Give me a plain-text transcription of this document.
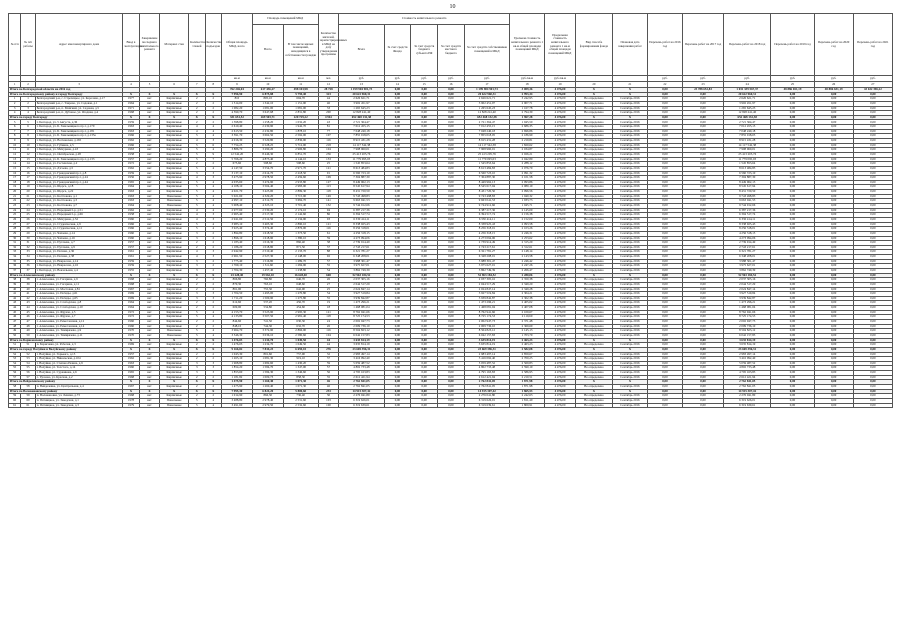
10
№ п/п	№ п/п работы	Адрес многоквартирного дома	Ввод в эксплуатацию	Завершение последнего капитального ремонта	Материал стен	Количество этажей	Количество подъездов	Общая площадь МКД, всего	Площадь помещений МКД		Количество жителей, зарегистрированных в МКД на дату утверждения программы	Стоимость капитального ремонта					Удельная стоимость капитального ремонта 1 кв.м общей площади помещений МКД	Предельная стоимость капитального ремонта 1 кв.м общей площади помещений МКД	Вид способа формирования фонда	Плановая дата завершения работ	Перечень работ на 2016 год	Перечень работ на 2017 год	Перечень работ на 2018 год	Перечень работ на 2019 год	Перечень работ на 2020 год	Перечень работ на 2021 год
									Всего	В том числе жилых помещений, находящихся в собственности граждан		Всего	За счет средств Фонда	За счет средств бюджета субъекта РФ	За счет средств местного бюджета	За счет средств собственников помещений в МКД										
								кв.м	кв.м	кв.м	чел.	руб.	руб.	руб.	руб.	руб.	руб./кв.м	руб./кв.м			руб.	руб.	руб.	руб.	руб.	руб.
1	2	3	4	5	6	7	8	9	10	11	12	13	14	15	16	17	18	19	20	21	22	23	24	25	26	27
Итого по Белгородской области на 2016 год								762 246,04	617 436,27	498 103,98	28 728	1 199 904 901,73	0,00	0,00	0,00	1 199 904 901,73	3 009,36	4 476,00	Х	Х	0,00	23 788 652,83	1 031 339 567,37	48 886 651,19	48 886 651,19	43 632 396,22
Итого по Белгородскому району и городу Белгороду			Х	Х	Х	Х	Х	7 996,90	6 875,88	5 759,40	323	20 622 960,31	0,00	0,00	0,00	20 622 960,31	2 993,34	4 476,00	Х	Х	0,00	0,00	20 622 960,31	0,00	0,00	0,00
1	1	Белгородский р-н, с. Стрелецкое, ул. Королева, д.17	1977	нет	Кирпичные	2	2	810	805,10	694,70	44	2 626 621,71	0,00	0,00	0,00	2 626 621,71	3 242,95	4 476,00	Не определено	Сентябрь 2016	0,00	0,00	2 626 621,71	0,00	0,00	0,00
2	2	Белгородский р-н, с. Таврово, ул. Садовая, д.1	1964	нет	Кирпичные	2	2	1 514,00	1 342,10	1 151,90	46	3 902 451,97	0,00	0,00	0,00	3 902 451,97	2 907,71	4 476,00	Не определено	Сентябрь 2016	0,00	0,00	3 902 451,97	0,00	0,00	0,00
3	3	Белгородский р-н, п. Майский, ул. Садовая, д.5	1971	нет	Кирпичные	2	2	1 082,20	1 081,00	1 081,00	33	1 265 645,23	0,00	0,00	0,00	1 265 645,23	1 167,78	4 476,00	Не определено	Сентябрь 2016	0,00	0,00	1 265 645,23	0,00	0,00	0,00
4	4	Белгородский р-н, п. Дубовое, ул. Ягодная, д.4	1968	нет	Кирпичные	2	2	4 590,70	3 647,68	2 831,80	200	12 828 241,40	0,00	0,00	0,00	12 828 241,40	2 794,39	4 476,00	Не определено	Сентябрь 2016	0,00	0,00	12 828 241,40	0,00	0,00	0,00
Итого по городу Белгороду			Х	Х	Х	Х	Х	331 651,52	269 503,71	220 729,22	4 961	652 468 132,38	0,00	0,00	0,00	652 468 132,38	1 967,28	4 476,00	Х	Х	0,00	0,00	652 468 132,38	0,00	0,00	0,00
5	5	г. Белгород, ул. 5 Августа, д.36	1959	нет	Кирпичные	2	2	1 398,80	1 258,20	1 032,20	43	2 721 364,47	0,00	0,00	0,00	2 721 364,47	1 945,50	4 476,00	Не определено	Сентябрь 2016	0,00	0,00	2 721 364,47	0,00	0,00	0,00
6	6	г. Белгород, ул. Б. Хмельницкого пр-т, д.179	1963	нет	Кирпичные	4	4	2 610,40	2 230,90	1 942,70	81	7 012 455,15	0,00	0,00	0,00	7 012 455,15	2 686,35	4 476,00	Не определено	Сентябрь 2016	0,00	0,00	7 012 455,15	0,00	0,00	0,00
7	7	г. Белгород, ул. Б. Хмельницкого пр-т, д.181	1963	нет	Кирпичные	4	4	2 613,50	2 232,80	1 878,10	77	7 048 240,18	0,00	0,00	0,00	7 048 240,18	2 696,86	4 476,00	Не определено	Сентябрь 2016	0,00	0,00	7 048 240,18	0,00	0,00	0,00
8	8	г. Белгород, ул. Б. Хмельницкого пр-т, д.135а	1966	нет	Кирпичные	5	4	3 591,70	3 062,50	2 592,00	107	7 855 018,05	0,00	0,00	0,00	7 855 018,05	2 186,99	4 476,00	Не определено	Сентябрь 2016	0,00	0,00	7 855 018,05	0,00	0,00	0,00
9	9	г. Белгород, ул. Волчанская, д.165	1962	нет	Кирпичные	4	3	4 016,30	3 520,80	2 836,90	116	8 915 431,28	0,00	0,00	0,00	8 915 431,28	2 219,81	4 476,00	Не определено	Сентябрь 2016	0,00	0,00	8 915 431,28	0,00	0,00	0,00
10	10	г. Белгород, ул. Губкина, д.5	1966	нет	Кирпичные	5	6	7 754,25	6 528,25	5 712,00	218	14 117 542,38	0,00	0,00	0,00	14 117 542,38	1 820,62	4 476,00	Не определено	Сентябрь 2016	0,00	0,00	14 117 542,38	0,00	0,00	0,00
11	11	г. Белгород, ул. Мичурина, д.43	1963	нет	Кирпичные	5	4	3 886,70	3 290,20	2 906,80	104	7 908 960,01	0,00	0,00	0,00	7 908 960,01	2 034,87	4 476,00	Не определено	Сентябрь 2016	0,00	0,00	7 908 960,01	0,00	0,00	0,00
12	12	г. Белгород, ул. Октябрьская, д.28	1958	нет	Кирпичные	5	9	12 542,20	8 446,30	6 851,70	236	25 413 205,76	0,00	0,00	0,00	25 413 205,76	2 026,21	4 476,00	Не определено	Сентябрь 2016	0,00	0,00	25 413 205,76	0,00	0,00	0,00
13	13	г. Белгород, ул. Б. Хмельницкого пр-т, д.133	1957	нет	Кирпичные	5	7	5 766,20	4 873,40	4 144,10	153	11 779 095,03	0,00	0,00	0,00	11 779 095,03	2 042,80	4 476,00	Не определено	Сентябрь 2016	0,00	0,00	11 779 095,03	0,00	0,00	0,00
14	14	г. Белгород, ул. Гостенская, д.2	1972	нет	Кирпичные	2	2	675,60	598,60	598,60	25	1 545 853,64	0,00	0,00	0,00	1 545 853,64	2 288,12	4 476,00	Не определено	Сентябрь 2016	0,00	0,00	1 545 853,64	0,00	0,00	0,00
15	15	г. Белгород, ул. Дзгоева, д.5	1962	нет	Кирпичные	5	4	4 147,50	3 554,70	2 971,70	121	8 613 484,83	0,00	0,00	0,00	8 613 484,83	2 076,79	4 476,00	Не определено	Сентябрь 2016	0,00	0,00	8 613 484,83	0,00	0,00	0,00
16	16	г. Белгород, ул. Гражданский пр-т, д.8	1959	нет	Кирпичные	3	3	3 137,10	2 614,70	2 218,50	91	6 560 723,10	0,00	0,00	0,00	6 560 723,10	2 091,32	4 476,00	Не определено	Сентябрь 2016	0,00	0,00	6 560 723,10	0,00	0,00	0,00
17	17	г. Белгород, ул. Гражданский пр-т, д.24	1956	нет	Кирпичные	4	3	3 475,90	2 978,50	2 459,60	109	7 304 887,30	0,00	0,00	0,00	7 304 887,30	2 101,58	4 476,00	Не определено	Сентябрь 2016	0,00	0,00	7 304 887,30	0,00	0,00	0,00
18	18	г. Белгород, ул. Гражданский пр-т, д.44	1965	нет	Кирпичные	5	4	4 035,60	3 474,90	2 933,80	127	8 449 962,13	0,00	0,00	0,00	8 449 962,13	2 093,86	4 476,00	Не определено	Сентябрь 2016	0,00	0,00	8 449 962,13	0,00	0,00	0,00
19	19	г. Белгород, ул. Щорса, д.18	1964	нет	Кирпичные	5	4	4 108,10	3 504,40	2 983,90	113	8 545 617,94	0,00	0,00	0,00	8 545 617,94	2 080,19	4 476,00	Не определено	Сентябрь 2016	0,00	0,00	8 545 617,94	0,00	0,00	0,00
20	20	г. Белгород, ул. Щорса, д.22	1963	нет	Кирпичные	5	4	4 021,70	3 425,00	2 899,30	118	8 431 720,50	0,00	0,00	0,00	8 431 720,50	2 096,56	4 476,00	Не определено	Сентябрь 2016	0,00	0,00	8 431 720,50	0,00	0,00	0,00
21	21	г. Белгород, ул. Костюкова, д.1	1963	нет	Панельные	5	4	5 021,60	4 329,20	3 715,90	149	9 743 498,83	0,00	0,00	0,00	9 743 498,83	1 940,32	4 476,00	Не определено	Сентябрь 2016	0,00	0,00	9 743 498,83	0,00	0,00	0,00
22	22	г. Белгород, ул. Костюкова, д.3	1963	нет	Панельные	5	4	4 997,10	4 312,70	3 684,70	141	9 663 041,53	0,00	0,00	0,00	9 663 041,53	1 933,73	4 476,00	Не определено	Сентябрь 2016	0,00	0,00	9 663 041,53	0,00	0,00	0,00
23	23	г. Белгород, ул. Костюкова, д.7	1964	нет	Панельные	5	4	5 008,40	4 323,10	3 701,40	152	9 744 912,66	0,00	0,00	0,00	9 744 912,66	1 945,71	4 476,00	Не определено	Сентябрь 2016	0,00	0,00	9 744 912,66	0,00	0,00	0,00
24	24	г. Белгород, ул. Народный б-р, д.51	1962	нет	Кирпичные	4	4	2 977,60	2 530,20	2 174,10	94	6 387 217,36	0,00	0,00	0,00	6 387 217,36	2 145,09	4 476,00	Не определено	Сентябрь 2016	0,00	0,00	6 387 217,36	0,00	0,00	0,00
25	25	г. Белгород, ул. Народный б-р, д.66	1958	нет	Кирпичные	4	3	2 965,40	2 517,30	2 142,60	86	6 394 517,74	0,00	0,00	0,00	6 394 517,74	2 156,38	4 476,00	Не определено	Сентябрь 2016	0,00	0,00	6 394 517,74	0,00	0,00	0,00
26	26	г. Белгород, ул. Мичурина, д.52	1960	нет	Кирпичные	4	3	2 941,60	2 512,50	2 134,90	93	6 330 414,11	0,00	0,00	0,00	6 330 414,11	2 152,00	4 476,00	Не определено	Сентябрь 2016	0,00	0,00	6 330 414,11	0,00	0,00	0,00
27	27	г. Белгород, ул. Студенческая, д.9	1966	нет	Кирпичные	5	4	3 983,10	3 405,30	2 890,10	121	8 338 925,43	0,00	0,00	0,00	8 338 925,43	2 093,58	4 476,00	Не определено	Сентябрь 2016	0,00	0,00	8 338 925,43	0,00	0,00	0,00
28	28	г. Белгород, ул. Студенческая, д.11	1966	нет	Кирпичные	5	4	3 925,40	3 374,40	2 876,00	116	8 256 318,01	0,00	0,00	0,00	8 256 318,01	2 103,26	4 476,00	Не определено	Сентябрь 2016	0,00	0,00	8 256 318,01	0,00	0,00	0,00
29	29	г. Белгород, ул. Чапаева, д.14	1960	нет	Кирпичные	3	2	1 894,80	1 618,50	1 373,50	61	4 256 318,15	0,00	0,00	0,00	4 256 318,15	2 246,31	4 476,00	Не определено	Сентябрь 2016	0,00	0,00	4 256 318,15	0,00	0,00	0,00
30	30	г. Белгород, ул. Чапаева, д.16	1960	нет	Кирпичные	3	2	1 896,10	1 618,90	1 380,10	59	4 273 094,06	0,00	0,00	0,00	4 273 094,06	2 253,62	4 476,00	Не определено	Сентябрь 2016	0,00	0,00	4 273 094,06	0,00	0,00	0,00
31	31	г. Белгород, ул. Пугачева, д.7	1957	нет	Кирпичные	2	2	1 183,40	1 016,30	866,40	38	2 739 914,49	0,00	0,00	0,00	2 739 914,49	2 315,29	4 476,00	Не определено	Сентябрь 2016	0,00	0,00	2 739 914,49	0,00	0,00	0,00
32	32	г. Белгород, ул. Пугачева, д.9	1957	нет	Кирпичные	2	2	1 186,20	1 018,80	871,50	37	2 743 217,61	0,00	0,00	0,00	2 743 217,61	2 312,61	4 476,00	Не определено	Сентябрь 2016	0,00	0,00	2 743 217,61	0,00	0,00	0,00
33	33	г. Белгород, ул. Попова, д.36	1961	нет	Кирпичные	4	3	2 942,90	2 510,40	2 133,70	88	6 321 781,27	0,00	0,00	0,00	6 321 781,27	2 148,14	4 476,00	Не определено	Сентябрь 2016	0,00	0,00	6 321 781,27	0,00	0,00	0,00
34	34	г. Белгород, ул. Попова, д.38	1961	нет	Кирпичные	4	3	2 961,50	2 527,30	2 148,00	92	6 348 208,01	0,00	0,00	0,00	6 348 208,01	2 143,58	4 476,00	Не определено	Сентябрь 2016	0,00	0,00	6 348 208,01	0,00	0,00	0,00
35	35	г. Белгород, ул. Некрасова, д.14	1959	нет	Кирпичные	3	2	1 775,40	1 516,80	1 289,70	57	3 988 301,47	0,00	0,00	0,00	3 988 301,47	2 246,42	4 476,00	Не определено	Сентябрь 2016	0,00	0,00	3 988 301,47	0,00	0,00	0,00
36	36	г. Белгород, ул. Некрасова, д.16	1959	нет	Кирпичные	3	2	1 769,10	1 511,60	1 284,90	55	3 975 627,01	0,00	0,00	0,00	3 975 627,01	2 247,26	4 476,00	Не определено	Сентябрь 2016	0,00	0,00	3 975 627,01	0,00	0,00	0,00
37	37	г. Белгород, ул. Вокзальная, д.4	1955	нет	Кирпичные	3	2	1 704,30	1 457,40	1 238,80	54	3 862 749,39	0,00	0,00	0,00	3 862 749,39	2 266,47	4 476,00	Не определено	Сентябрь 2016	0,00	0,00	3 862 749,39	0,00	0,00	0,00
Итого по Алексеевскому району			Х	Х	Х	Х	Х	23 228,40	19 562,10	16 628,40	668	52 963 184,52	0,00	0,00	0,00	52 963 184,52	2 280,06	4 476,00	Х	Х	0,00	0,00	52 963 184,52	0,00	0,00	0,00
38	38	г. Алексеевка, ул. Гагарина, д.9	1968	нет	Кирпичные	2	2	866,80	760,80	646,70	26	2 037 305,16	0,00	0,00	0,00	2 037 305,16	2 350,38	4 476,00	Не определено	Сентябрь 2016	0,00	0,00	2 037 305,16	0,00	0,00	0,00
39	39	г. Алексеевка, ул. Гагарина, д.11	1968	нет	Кирпичные	2	2	870,30	763,10	648,60	27	2 044 517,29	0,00	0,00	0,00	2 044 517,29	2 349,20	4 476,00	Не определено	Сентябрь 2016	0,00	0,00	2 044 517,29	0,00	0,00	0,00
40	40	г. Алексеевка, ул. Мостовая, д.81	1967	нет	Кирпичные	2	2	861,90	755,30	642,00	25	2 024 847,14	0,00	0,00	0,00	2 024 847,14	2 349,28	4 476,00	Не определено	Сентябрь 2016	0,00	0,00	2 024 847,14	0,00	0,00	0,00
41	41	г. Алексеевка, ул. Победы, д.61	1969	нет	Кирпичные	3	3	1 704,50	1 495,00	1 270,80	54	3 927 519,84	0,00	0,00	0,00	3 927 519,84	2 304,21	4 476,00	Не определено	Сентябрь 2016	0,00	0,00	3 927 519,84	0,00	0,00	0,00
42	42	г. Алексеевка, ул. Победы, д.65	1969	нет	Кирпичные	3	3	1 711,20	1 500,90	1 275,80	55	3 939 842,87	0,00	0,00	0,00	3 939 842,87	2 302,38	4 476,00	Не определено	Сентябрь 2016	0,00	0,00	3 939 842,87	0,00	0,00	0,00
43	43	г. Алексеевка, ул. Слободская, д.8	1964	нет	Кирпичные	2	2	612,60	537,20	456,70	19	1 473 296,21	0,00	0,00	0,00	1 473 296,21	2 405,02	4 476,00	Не определено	Сентябрь 2016	0,00	0,00	1 473 296,21	0,00	0,00	0,00
44	44	г. Алексеевка, ул. Слободская, д.10	1964	нет	Кирпичные	2	2	609,90	534,80	454,60	18	1 468 081,04	0,00	0,00	0,00	1 468 081,04	2 407,08	4 476,00	Не определено	Сентябрь 2016	0,00	0,00	1 468 081,04	0,00	0,00	0,00
45	45	г. Алексеевка, ул. Фрунзе, д.5	1972	нет	Кирпичные	5	4	4 153,70	3 523,90	2 995,30	121	8 762 941,66	0,00	0,00	0,00	8 762 941,66	2 109,67	4 476,00	Не определено	Сентябрь 2016	0,00	0,00	8 762 941,66	0,00	0,00	0,00
46	46	г. Алексеевка, ул. Фрунзе, д.7	1972	нет	Кирпичные	5	4	4 133,80	3 507,50	2 981,40	118	8 725 174,53	0,00	0,00	0,00	8 725 174,53	2 110,69	4 476,00	Не определено	Сентябрь 2016	0,00	0,00	8 725 174,53	0,00	0,00	0,00
47	47	г. Алексеевка, ул. Ремесленная, д.12	1960	нет	Кирпичные	2	2	844,60	741,50	630,30	24	2 002 947,73	0,00	0,00	0,00	2 002 947,73	2 371,48	4 476,00	Не определено	Сентябрь 2016	0,00	0,00	2 002 947,73	0,00	0,00	0,00
48	48	г. Алексеевка, ул. Ремесленная, д.14	1960	нет	Кирпичные	2	2	848,10	744,30	632,70	26	2 009 736,10	0,00	0,00	0,00	2 009 736,10	2 369,69	4 476,00	Не определено	Сентябрь 2016	0,00	0,00	2 009 736,10	0,00	0,00	0,00
49	49	г. Алексеевка, ул. Тимирязева, д.9	1970	нет	Панельные	5	4	3 964,70	3 372,90	2 866,90	116	8 504 823,12	0,00	0,00	0,00	8 504 823,12	2 145,13	4 476,00	Не определено	Сентябрь 2016	0,00	0,00	8 504 823,12	0,00	0,00	0,00
50	50	г. Алексеевка, ул. Тимирязева, д.11	1970	нет	Панельные	5	4	3 546,30	3 036,10	2 580,60	104	6 042 157,83	0,00	0,00	0,00	6 042 157,83	1 703,79	4 476,00	Не определено	Сентябрь 2016	0,00	0,00	6 042 157,83	0,00	0,00	0,00
Итого по Борисовскому району			Х	Х	Х	Х	Х	1 476,03	1 234,70	1 049,50	44	3 635 814,19	0,00	0,00	0,00	3 635 814,19	2 463,23	4 476,00	Х	Х	0,00	0,00	3 635 814,19	0,00	0,00	0,00
51	51	п. Борисовка, ул. Рабочая, д.3	1969	нет	Кирпичные	2	2	1 476,03	1 234,70	1 049,50	44	3 635 814,19	0,00	0,00	0,00	3 635 814,19	2 463,23	4 476,00	Не определено	Сентябрь 2016	0,00	0,00	3 635 814,19	0,00	0,00	0,00
Итого по городу Валуйки и Валуйскому району			Х	Х	Х	Х	Х	9 166,82	7 834,23	6 659,10	276	23 669 396,31	0,00	0,00	0,00	23 669 396,31	2 582,08	4 476,00	Х	Х	0,00	0,00	23 669 396,31	0,00	0,00	0,00
52	52	г. Валуйки, ул. Горького, д.15	1957	нет	Кирпичные	2	2	1 043,30	891,60	757,90	32	2 983 497,14	0,00	0,00	0,00	2 983 497,14	2 859,67	4 476,00	Не определено	Сентябрь 2016	0,00	0,00	2 983 497,14	0,00	0,00	0,00
53	53	г. Валуйки, ул. Никольская, д.104	1962	нет	Кирпичные	2	2	1 265,10	1 081,30	919,10	37	3 416 092,40	0,00	0,00	0,00	3 416 092,40	2 700,25	4 476,00	Не определено	Сентябрь 2016	0,00	0,00	3 416 092,40	0,00	0,00	0,00
54	54	г. Валуйки, ул. Степана Разина, д.9	1963	нет	Кирпичные	3	3	1 968,80	1 682,60	1 430,20	59	5 059 487,52	0,00	0,00	0,00	5 059 487,52	2 569,83	4 476,00	Не определено	Сентябрь 2016	0,00	0,00	5 059 487,52	0,00	0,00	0,00
55	55	г. Валуйки, ул. Толстого, д.14	1960	нет	Кирпичные	3	3	1 854,20	1 584,70	1 347,00	57	4 802 733,48	0,00	0,00	0,00	4 802 733,48	2 590,19	4 476,00	Не определено	Сентябрь 2016	0,00	0,00	4 802 733,48	0,00	0,00	0,00
56	56	г. Валуйки, ул. Суржикова, д.6	1965	нет	Кирпичные	3	3	1 853,60	1 584,30	1 346,60	56	4 795 163,83	0,00	0,00	0,00	4 795 163,83	2 586,95	4 476,00	Не определено	Сентябрь 2016	0,00	0,00	4 795 163,83	0,00	0,00	0,00
57	57	с. Уразово, ул. Красная, д.2	1968	нет	Кирпичные	2	2	1 181,82	1 009,73	858,30	35	2 612 421,94	0,00	0,00	0,00	2 612 421,94	2 210,51	4 476,00	Не определено	Сентябрь 2016	0,00	0,00	2 612 421,94	0,00	0,00	0,00
Итого по Вейделевскому району			Х	Х	Х	Х	Х	1 475,90	1 260,40	1 071,30	46	2 762 841,05	0,00	0,00	0,00	2 762 841,05	1 871,98	4 476,00	Х	Х	0,00	0,00	2 762 841,05	0,00	0,00	0,00
58	58	п. Вейделевка, ул. Центральная, д.4	1967	нет	Кирпичные	2	2	1 475,90	1 260,40	1 071,30	46	2 762 841,05	0,00	0,00	0,00	2 762 841,05	1 871,98	4 476,00	Не определено	Сентябрь 2016	0,00	0,00	2 762 841,05	0,00	0,00	0,00
Итого по Волоконовскому району			Х	Х	Х	Х	Х	7 995,30	6 824,20	5 800,60	233	14 915 307,42	0,00	0,00	0,00	14 915 307,42	1 865,53	4 476,00	Х	Х	0,00	0,00	14 915 307,42	0,00	0,00	0,00
59	59	п. Волоконовка, ул. Ленина, д.73	1968	нет	Кирпичные	2	2	1 014,90	866,30	736,40	30	2 276 041,80	0,00	0,00	0,00	2 276 041,80	2 242,63	4 476,00	Не определено	Сентябрь 2016	0,00	0,00	2 276 041,80	0,00	0,00	0,00
60	60	п. Пятницкое, ул. Заводская, д.1	1978	нет	Панельные	5	4	3 488,80	2 978,40	2 531,60	103	6 319 626,01	0,00	0,00	0,00	6 319 626,01	1 811,40	4 476,00	Не определено	Сентябрь 2016	0,00	0,00	6 319 626,01	0,00	0,00	0,00
61	61	п. Пятницкое, ул. Заводская, д.3	1979	нет	Панельные	5	4	3 491,60	2 979,50	2 532,60	100	6 319 639,61	0,00	0,00	0,00	6 319 639,61	1 809,91	4 476,00	Не определено	Сентябрь 2016	0,00	0,00	6 319 639,61	0,00	0,00	0,00
